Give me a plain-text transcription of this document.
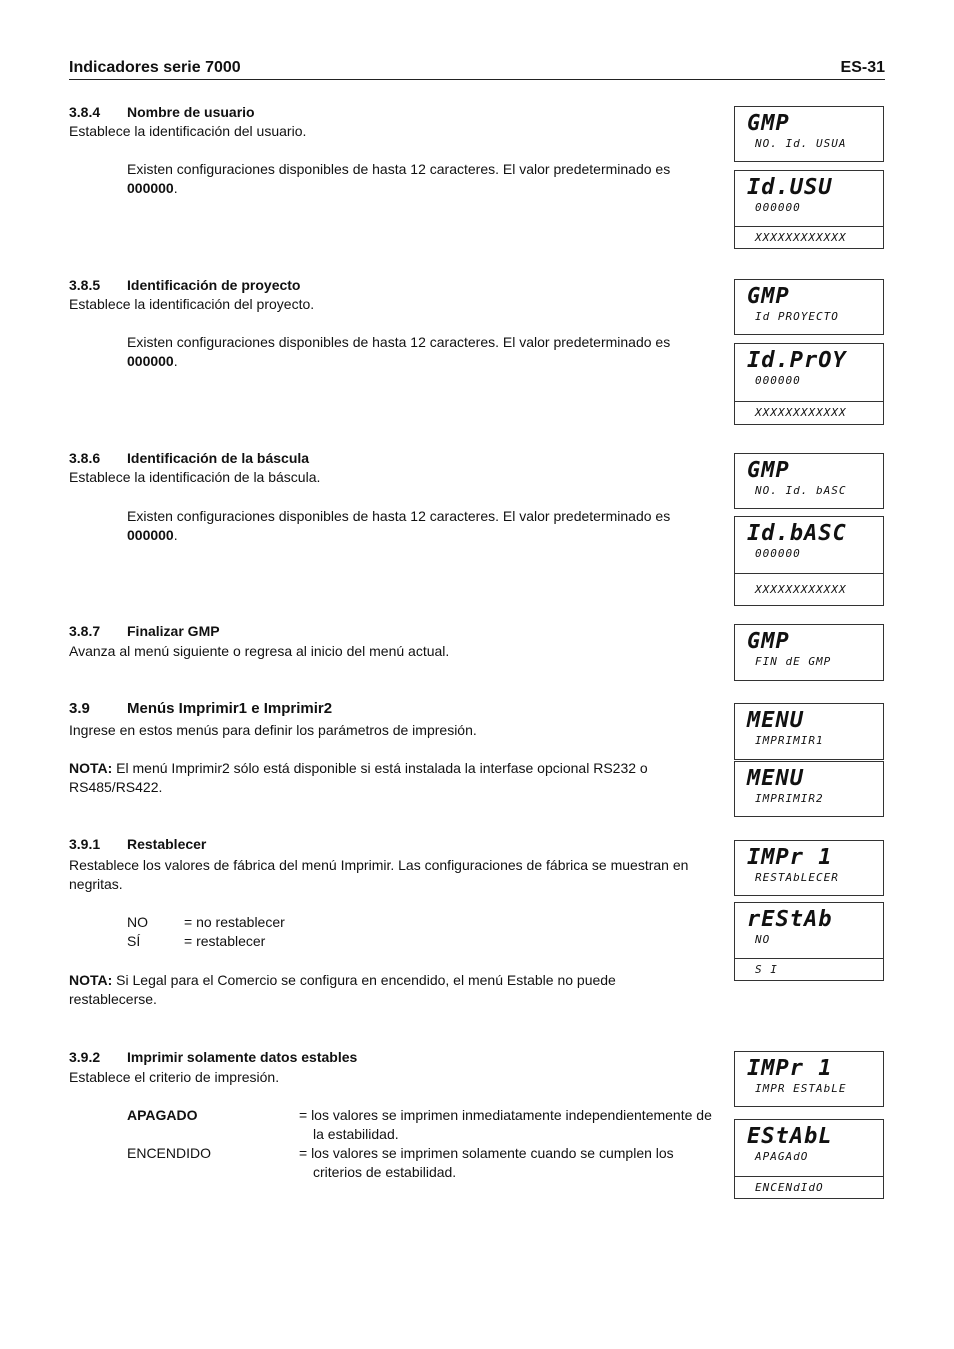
Indicadores serie 7000	ES-31
3.8.4 Nombre de usuario
Establece la identificación del usuario.
Existen configuraciones disponibles de hasta 12 caracteres. El valor predeterminado es
000000.
3.8.5 Identificación de proyecto
Establece la identificación del proyecto.
Existen configuraciones disponibles de hasta 12 caracteres. El valor predeterminado es
000000.
3.8.6 Identificación de la báscula
Establece la identificación de la báscula.
Existen configuraciones disponibles de hasta 12 caracteres. El valor predeterminado es
000000.
3.8.7 Finalizar GMP
Avanza al menú siguiente o regresa al inicio del menú actual.
3.9 Menús Imprimir1 e Imprimir2
Ingrese en estos menús para definir los parámetros de impresión.
NOTA: El menú Imprimir2 sólo está disponible si está instalada la interfase opcional RS232 o RS485/RS422.
3.9.1 Restablecer
Restablece los valores de fábrica del menú Imprimir. Las configuraciones de fábrica se muestran en negritas.
NO	= no restablecer
SÍ	= restablecer
NOTA: Si Legal para el Comercio se configura en encendido, el menú Estable no puede restablecerse.
3.9.2 Imprimir solamente datos estables
Establece el criterio de impresión.
APAGADO	= los valores se imprimen inmediatamente independientemente de la estabilidad.
ENCENDIDO	= los valores se imprimen solamente cuando se cumplen los criterios de estabilidad.
GMP
NO. Id. USUA
Id.USU
000000
XXXXXXXXXXXX
GMP
Id PROYECTO
Id.PrOY
000000
XXXXXXXXXXXX
GMP
NO. Id. bASC
Id.bASC
000000
XXXXXXXXXXXX
GMP
FIN dE GMP
MENU
IMPRIMIR1
MENU
IMPRIMIR2
IMPr 1
RESTAbLECER
rEStAb
NO
S I
IMPr 1
IMPR ESTAbLE
EStAbL
APAGAdO
ENCENdIdO
